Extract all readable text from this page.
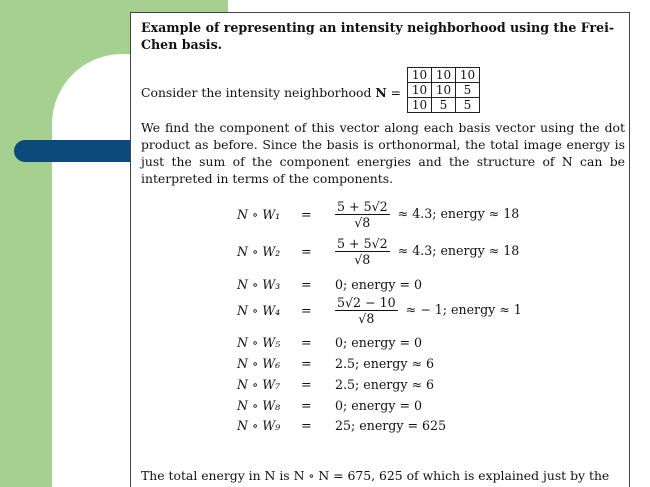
Example of representing an intensity neighborhood using the Frei-Chen basis.
Consider the intensity neighborhood N =
10	10	10
10	10	5
10	5	5
We find the component of this vector along each basis vector using the dot product as before. Since the basis is orthonormal, the total image energy is just the sum of the component energies and the structure of N can be interpreted in terms of the components.
N ∘ $W_1 = \frac{5 + 5√2}{√8} \approx 4.3$; energy ≈ 18
N ∘ $W_2 = \frac{5 + 5√2}{√8} \approx 4.3$; energy ≈ 18
N ∘ W₃ = 0; energy = 0
N ∘ $W_4 = \frac{5√2 - 10}{√8}$ ≈ − 1; energy ≈ 1
N ∘ W₅ = 0; energy = 0
N ∘ W₆ = 2.5; energy ≈ 6
N ∘ W₇ = 2.5; energy ≈ 6
N ∘ W₈ = 0; energy = 0
N ∘ W₉ = 25; energy = 625
The total energy in N is N ∘ N = 675, 625 of which is explained just by the
